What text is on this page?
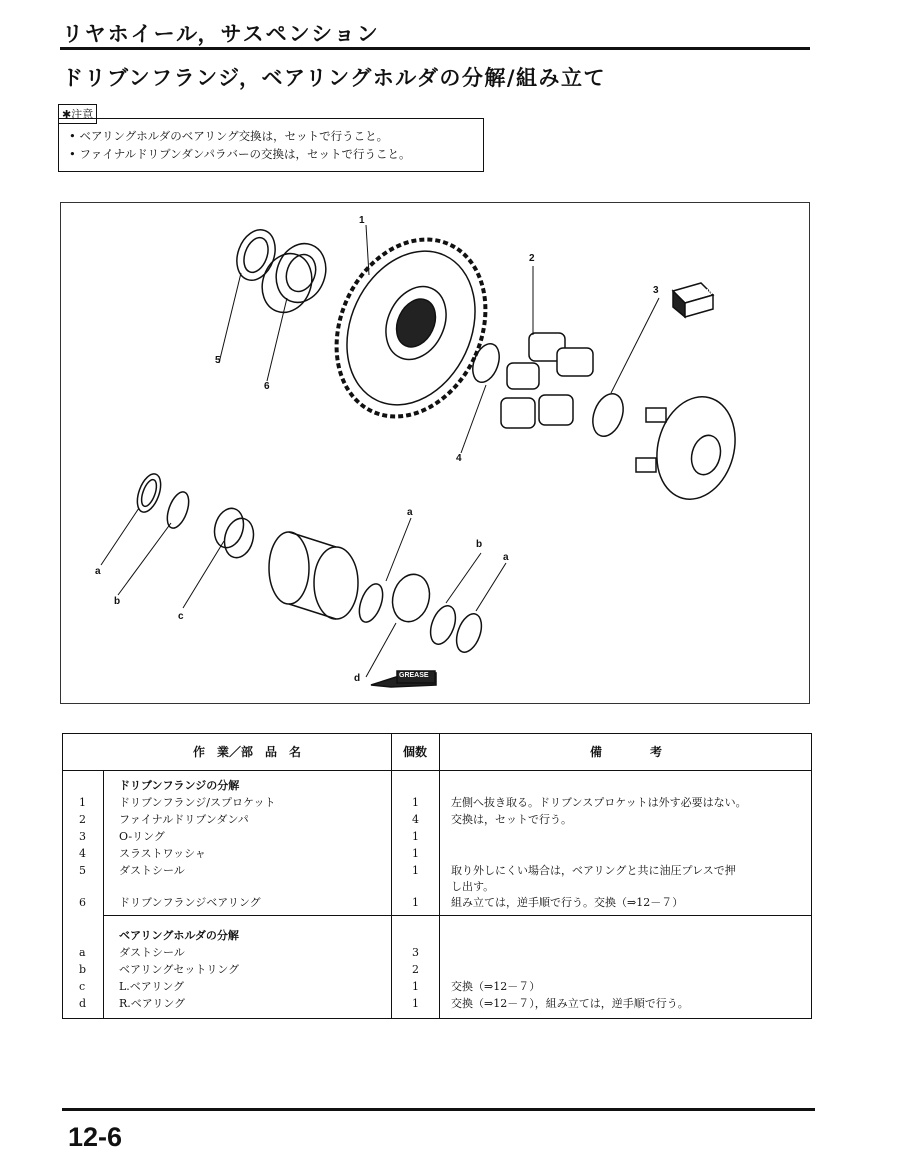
リヤホイール，サスペンション
ドリブンフランジ，ベアリングホルダの分解/組み立て
✱注意
• ベアリングホルダのベアリング交換は，セットで行うこと。
• ファイナルドリブンダンパラバーの交換は，セットで行うこと。
1
2
3
4
5
6
a
b
c
a
b
a
d
NEW
GREASE
作　業／部　品　名	個数	備　　　　考
ドリブンフランジの分解
1	ドリブンフランジ/スプロケット	1	左側へ抜き取る。ドリブンスプロケットは外す必要はない。
2	ファイナルドリブンダンパ	4	交換は，セットで行う。
3	O-リング	1
4	スラストワッシャ	1
5	ダストシール	1	取り外しにくい場合は，ベアリングと共に油圧プレスで押
し出す。
6	ドリブンフランジベアリング	1	組み立ては，逆手順で行う。交換（⇒12－７）
ベアリングホルダの分解
a	ダストシール	3
b	ベアリングセットリング	2
c	L.ベアリング	1	交換（⇒12－７）
d	R.ベアリング	1	交換（⇒12－７），組み立ては，逆手順で行う。
12-6
